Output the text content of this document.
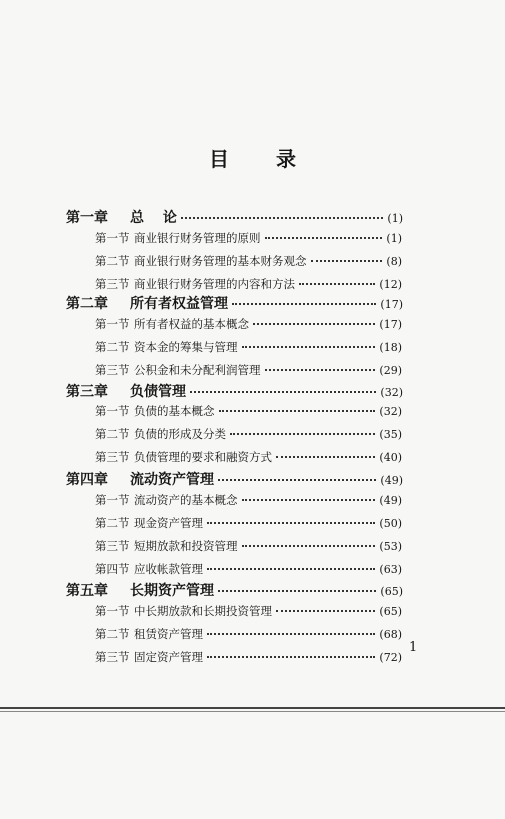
目 录
第一章	总　 论	(1)
第一节 商业银行财务管理的原则	(1)
第二节 商业银行财务管理的基本财务观念	(8)
第三节 商业银行财务管理的内容和方法	(12)
第二章	所有者权益管理	(17)
第一节 所有者权益的基本概念	(17)
第二节 资本金的筹集与管理	(18)
第三节 公积金和未分配利润管理	(29)
第三章	负债管理	(32)
第一节 负债的基本概念	(32)
第二节 负债的形成及分类	(35)
第三节 负债管理的要求和融资方式	(40)
第四章	流动资产管理	(49)
第一节 流动资产的基本概念	(49)
第二节 现金资产管理	(50)
第三节 短期放款和投资管理	(53)
第四节 应收帐款管理	(63)
第五章	长期资产管理	(65)
第一节 中长期放款和长期投资管理	(65)
第二节 租赁资产管理	(68)
第三节 固定资产管理	(72)
1
